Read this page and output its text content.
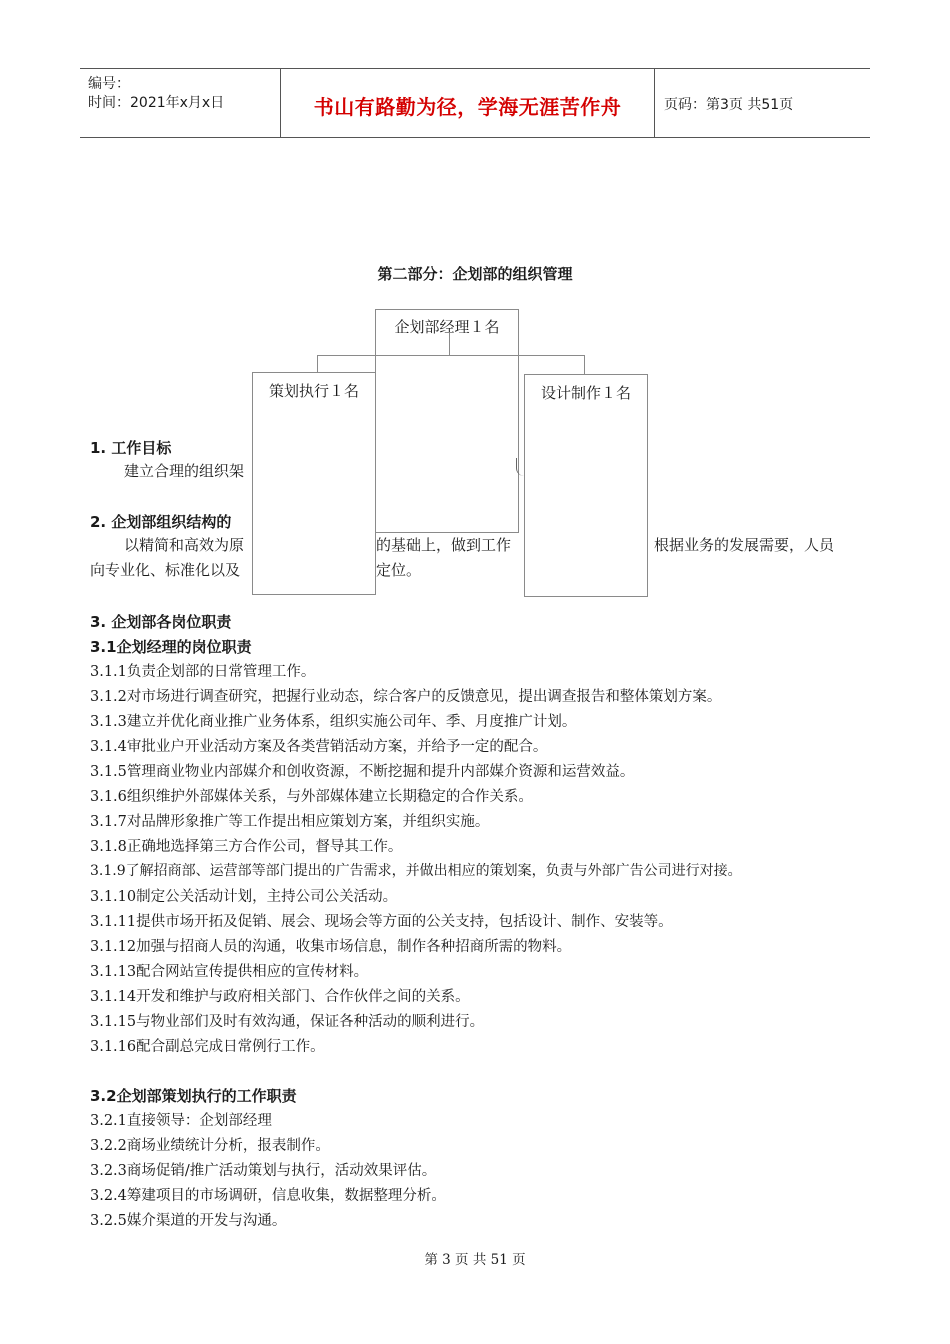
编号：
时间：2021年x月x日	书山有路勤为径，学海无涯苦作舟	页码：第3页 共51页
第二部分：企划部的组织管理
企划部经理１名
策划执行１名	设计制作１名
1. 工作目标
建立合理的组织架
2. 企划部组织结构的
以精简和高效为原	的基础上，做到工作	根据业务的发展需要，人员
向专业化、标准化以及	定位。
3. 企划部各岗位职责
3.1企划经理的岗位职责
3.1.1负责企划部的日常管理工作。
3.1.2对市场进行调查研究，把握行业动态，综合客户的反馈意见，提出调查报告和整体策划方案。
3.1.3建立并优化商业推广业务体系，组织实施公司年、季、月度推广计划。
3.1.4审批业户开业活动方案及各类营销活动方案，并给予一定的配合。
3.1.5管理商业物业内部媒介和创收资源，不断挖掘和提升内部媒介资源和运营效益。
3.1.6组织维护外部媒体关系，与外部媒体建立长期稳定的合作关系。
3.1.7对品牌形象推广等工作提出相应策划方案，并组织实施。
3.1.8正确地选择第三方合作公司，督导其工作。
3.1.9了解招商部、运营部等部门提出的广告需求，并做出相应的策划案，负责与外部广告公司进行对接。
3.1.10制定公关活动计划，主持公司公关活动。
3.1.11提供市场开拓及促销、展会、现场会等方面的公关支持，包括设计、制作、安装等。
3.1.12加强与招商人员的沟通，收集市场信息，制作各种招商所需的物料。
3.1.13配合网站宣传提供相应的宣传材料。
3.1.14开发和维护与政府相关部门、合作伙伴之间的关系。
3.1.15与物业部们及时有效沟通，保证各种活动的顺利进行。
3.1.16配合副总完成日常例行工作。
3.2企划部策划执行的工作职责
3.2.1直接领导：企划部经理
3.2.2商场业绩统计分析，报表制作。
3.2.3商场促销/推广活动策划与执行，活动效果评估。
3.2.4筹建项目的市场调研，信息收集，数据整理分析。
3.2.5媒介渠道的开发与沟通。
第 3 页 共 51 页
